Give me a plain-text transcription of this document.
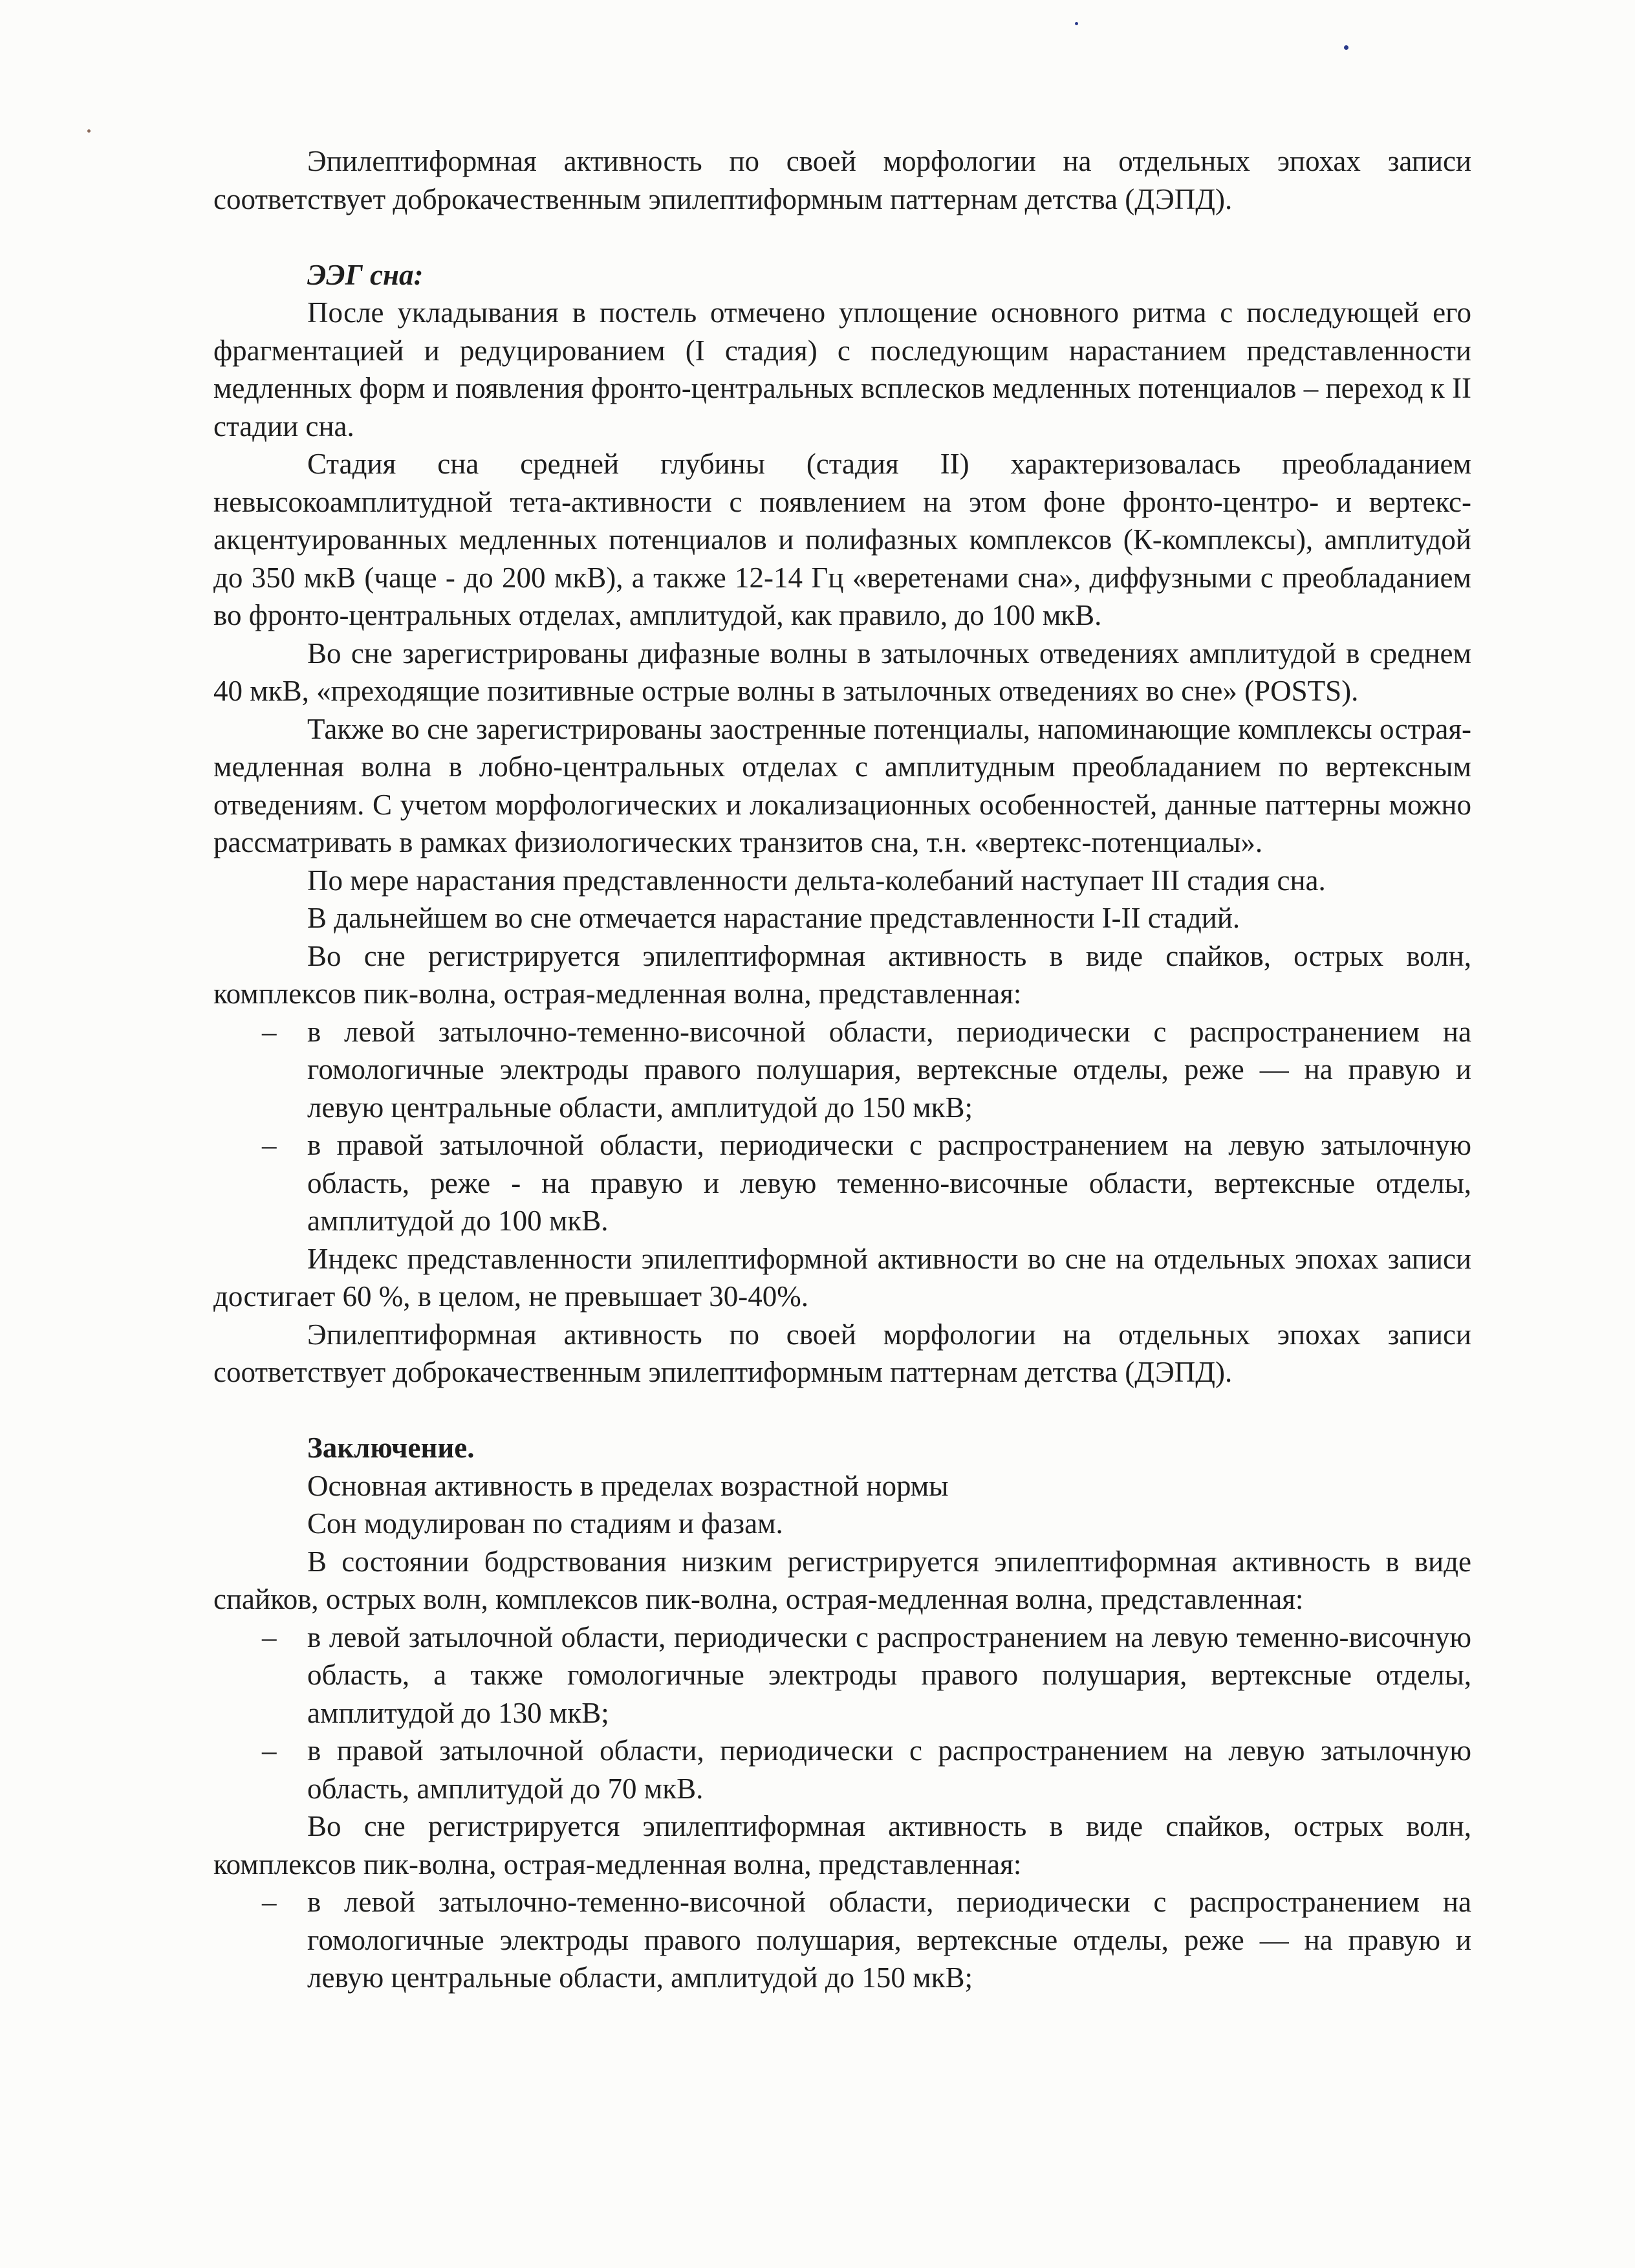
Эпилептиформная активность по своей морфологии на отдельных эпохах записи соответствует доброкачественным эпилептиформным паттернам детства (ДЭПД).

ЭЭГ сна:

После укладывания в постель отмечено уплощение основного ритма с последующей его фрагментацией и редуцированием (I стадия) с последующим нарастанием представленности медленных форм и появления фронто-центральных всплесков медленных потенциалов – переход к II стадии сна.

Стадия сна средней глубины (стадия II) характеризовалась преобладанием невысокоамплитудной тета-активности с появлением на этом фоне фронто-центро- и вертекс-акцентуированных медленных потенциалов и полифазных комплексов (К-комплексы), амплитудой до 350 мкВ (чаще - до 200 мкВ), а также 12-14 Гц «веретенами сна», диффузными с преобладанием во фронто-центральных отделах, амплитудой, как правило, до 100 мкВ.

Во сне зарегистрированы дифазные волны в затылочных отведениях амплитудой в среднем 40 мкВ, «преходящие позитивные острые волны в затылочных отведениях во сне» (POSTS).

Также во сне зарегистрированы заостренные потенциалы, напоминающие комплексы острая-медленная волна в лобно-центральных отделах с амплитудным преобладанием по вертексным отведениям. С учетом морфологических и локализационных особенностей, данные паттерны можно рассматривать в рамках физиологических транзитов сна, т.н. «вертекс-потенциалы».

По мере нарастания представленности дельта-колебаний наступает III стадия сна.

В дальнейшем во сне отмечается нарастание представленности I-II стадий.

Во сне регистрируется эпилептиформная активность в виде спайков, острых волн, комплексов пик-волна, острая-медленная волна, представленная:

– в левой затылочно-теменно-височной области, периодически с распространением на гомологичные электроды правого полушария, вертексные отделы, реже — на правую и левую центральные области, амплитудой до 150 мкВ;
– в правой затылочной области, периодически с распространением на левую затылочную область, реже - на правую и левую теменно-височные области, вертексные отделы, амплитудой до 100 мкВ.

Индекс представленности эпилептиформной активности во сне на отдельных эпохах записи достигает 60 %, в целом, не превышает 30-40%.

Эпилептиформная активность по своей морфологии на отдельных эпохах записи соответствует доброкачественным эпилептиформным паттернам детства (ДЭПД).

Заключение.

Основная активность в пределах возрастной нормы

Сон модулирован по стадиям и фазам.

В состоянии бодрствования низким регистрируется эпилептиформная активность в виде спайков, острых волн, комплексов пик-волна, острая-медленная волна, представленная:

– в левой затылочной области, периодически с распространением на левую теменно-височную область, а также гомологичные электроды правого полушария, вертексные отделы, амплитудой до 130 мкВ;
– в правой затылочной области, периодически с распространением на левую затылочную область, амплитудой до 70 мкВ.

Во сне регистрируется эпилептиформная активность в виде спайков, острых волн, комплексов пик-волна, острая-медленная волна, представленная:

– в левой затылочно-теменно-височной области, периодически с распространением на гомологичные электроды правого полушария, вертексные отделы, реже — на правую и левую центральные области, амплитудой до 150 мкВ;
